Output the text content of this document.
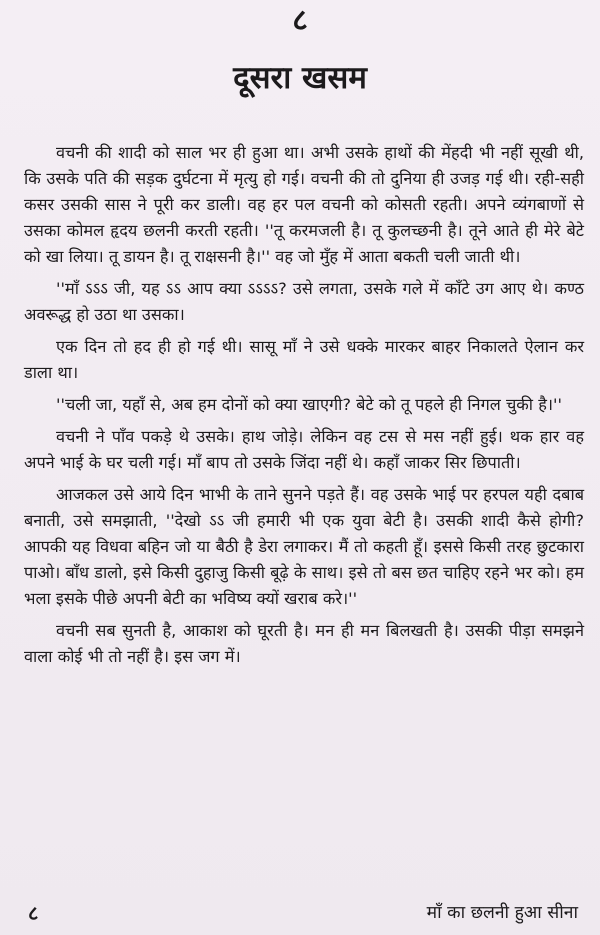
८
दूसरा खसम

वचनी की शादी को साल भर ही हुआ था। अभी उसके हाथों की मेंहदी भी नहीं सूखी थी, कि उसके पति की सड़क दुर्घटना में मृत्यु हो गई। वचनी की तो दुनिया ही उजड़ गई थी। रही-सही कसर उसकी सास ने पूरी कर डाली। वह हर पल वचनी को कोसती रहती। अपने व्यंगबाणों से उसका कोमल हृदय छलनी करती रहती। ''तू करमजली है। तू कुलच्छनी है। तूने आते ही मेरे बेटे को खा लिया। तू डायन है। तू राक्षसनी है।'' वह जो मुँह में आता बकती चली जाती थी।

''माँ ऽऽऽ जी, यह ऽऽ आप क्या ऽऽऽऽ? उसे लगता, उसके गले में काँटे उग आए थे। कण्ठ अवरूद्ध हो उठा था उसका।

एक दिन तो हद ही हो गई थी। सासू माँ ने उसे धक्के मारकर बाहर निकालते ऐलान कर डाला था।

''चली जा, यहाँ से, अब हम दोनों को क्या खाएगी? बेटे को तू पहले ही निगल चुकी है।''

वचनी ने पाँव पकड़े थे उसके। हाथ जोड़े। लेकिन वह टस से मस नहीं हुई। थक हार वह अपने भाई के घर चली गई। माँ बाप तो उसके जिंदा नहीं थे। कहाँ जाकर सिर छिपाती।

आजकल उसे आये दिन भाभी के ताने सुनने पड़ते हैं। वह उसके भाई पर हरपल यही दबाब बनाती, उसे समझाती, ''देखो ऽऽ जी हमारी भी एक युवा बेटी है। उसकी शादी कैसे होगी? आपकी यह विधवा बहिन जो या बैठी है डेरा लगाकर। मैं तो कहती हूँ। इससे किसी तरह छुटकारा पाओ। बाँध डालो, इसे किसी दुहाजु किसी बूढ़े के साथ। इसे तो बस छत चाहिए रहने भर को। हम भला इसके पीछे अपनी बेटी का भविष्य क्यों खराब करे।''

वचनी सब सुनती है, आकाश को घूरती है। मन ही मन बिलखती है। उसकी पीड़ा समझने वाला कोई भी तो नहीं है। इस जग में।

८	माँ का छलनी हुआ सीना
